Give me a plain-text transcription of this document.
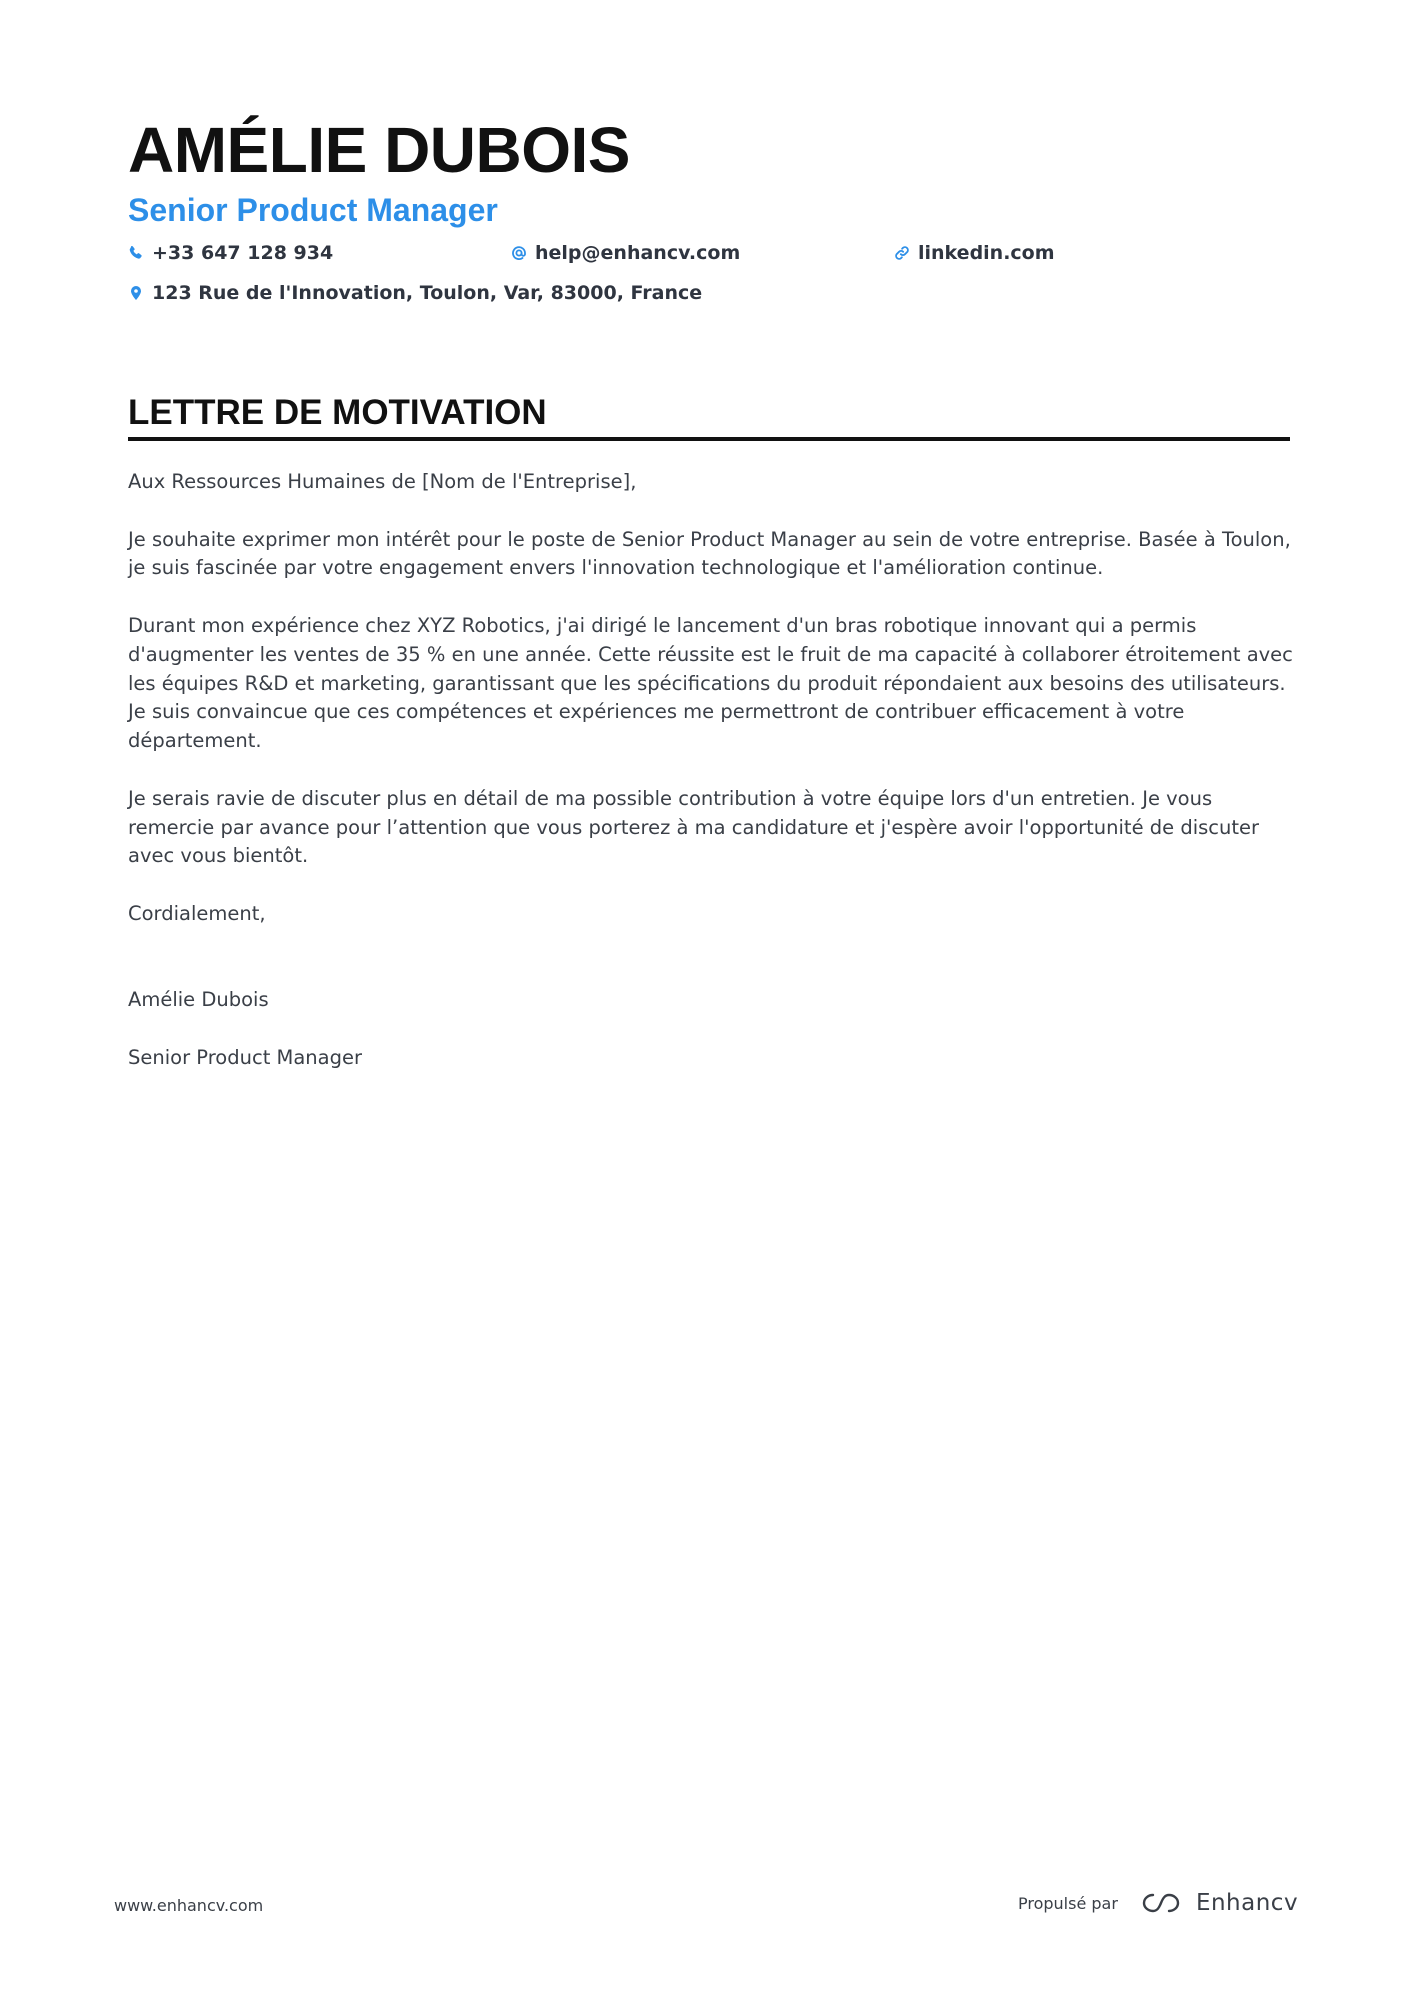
AMÉLIE DUBOIS
Senior Product Manager
+33 647 128 934	help@enhancv.com	linkedin.com
123 Rue de l'Innovation, Toulon, Var, 83000, France
LETTRE DE MOTIVATION

Aux Ressources Humaines de [Nom de l'Entreprise],

Je souhaite exprimer mon intérêt pour le poste de Senior Product Manager au sein de votre entreprise. Basée à Toulon, je suis fascinée par votre engagement envers l'innovation technologique et l'amélioration continue.

Durant mon expérience chez XYZ Robotics, j'ai dirigé le lancement d'un bras robotique innovant qui a permis d'augmenter les ventes de 35 % en une année. Cette réussite est le fruit de ma capacité à collaborer étroitement avec les équipes R&D et marketing, garantissant que les spécifications du produit répondaient aux besoins des utilisateurs. Je suis convaincue que ces compétences et expériences me permettront de contribuer efficacement à votre département.

Je serais ravie de discuter plus en détail de ma possible contribution à votre équipe lors d'un entretien. Je vous remercie par avance pour l’attention que vous porterez à ma candidature et j'espère avoir l'opportunité de discuter avec vous bientôt.

Cordialement,

Amélie Dubois

Senior Product Manager

www.enhancv.com	Propulsé par	Enhancv
